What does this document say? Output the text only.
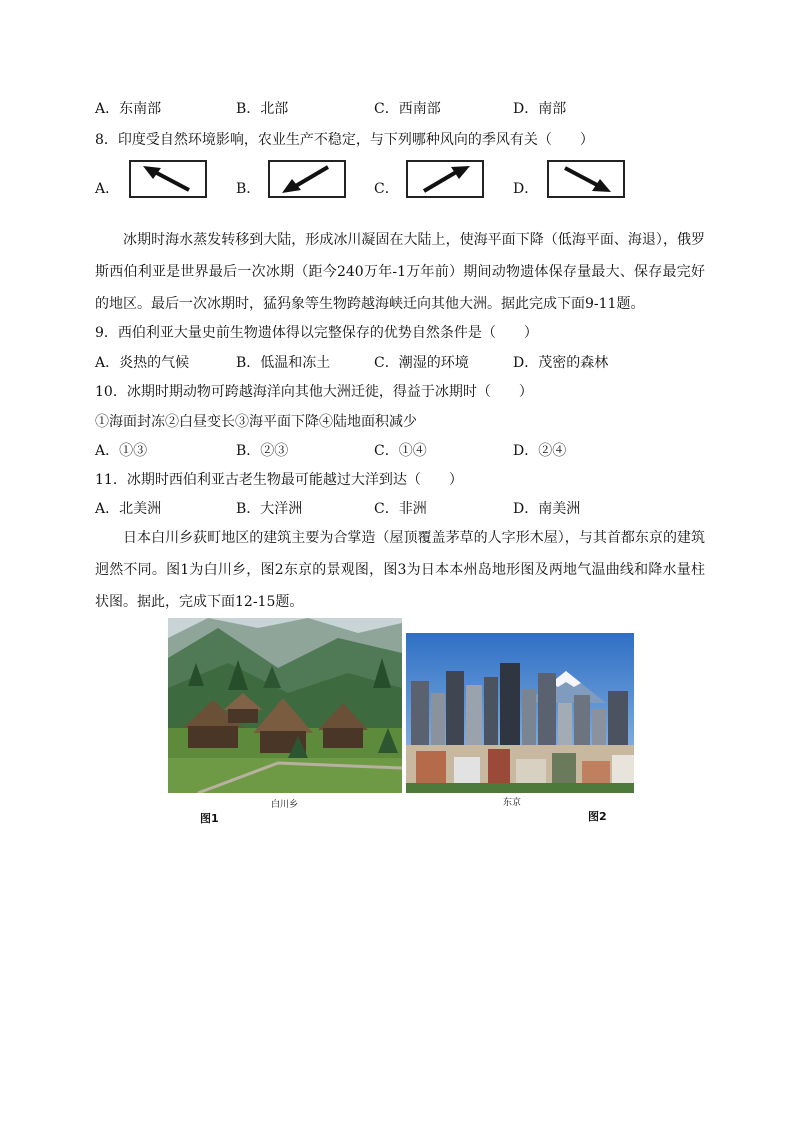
A．东南部	B．北部	C．西南部	D．南部
8．印度受自然环境影响，农业生产不稳定，与下列哪种风向的季风有关（　　）
A．	B．	C．	D．
冰期时海水蒸发转移到大陆，形成冰川凝固在大陆上，使海平面下降（低海平面、海退），俄罗斯西伯利亚是世界最后一次冰期（距今240万年-1万年前）期间动物遗体保存量最大、保存最完好的地区。最后一次冰期时，猛犸象等生物跨越海峡迁向其他大洲。据此完成下面9-11题。
9．西伯利亚大量史前生物遗体得以完整保存的优势自然条件是（　　）
A．炎热的气候	B．低温和冻土	C．潮湿的环境	D．茂密的森林
10．冰期时期动物可跨越海洋向其他大洲迁徙，得益于冰期时（　　）
①海面封冻②白昼变长③海平面下降④陆地面积减少
A．①③	B．②③	C．①④	D．②④
11．冰期时西伯利亚古老生物最可能越过大洋到达（　　）
A．北美洲	B．大洋洲	C．非洲	D．南美洲
日本白川乡荻町地区的建筑主要为合掌造（屋顶覆盖茅草的人字形木屋），与其首都东京的建筑迥然不同。图1为白川乡，图2东京的景观图，图3为日本本州岛地形图及两地气温曲线和降水量柱状图。据此，完成下面12-15题。
白川乡	东京
图1	图2
